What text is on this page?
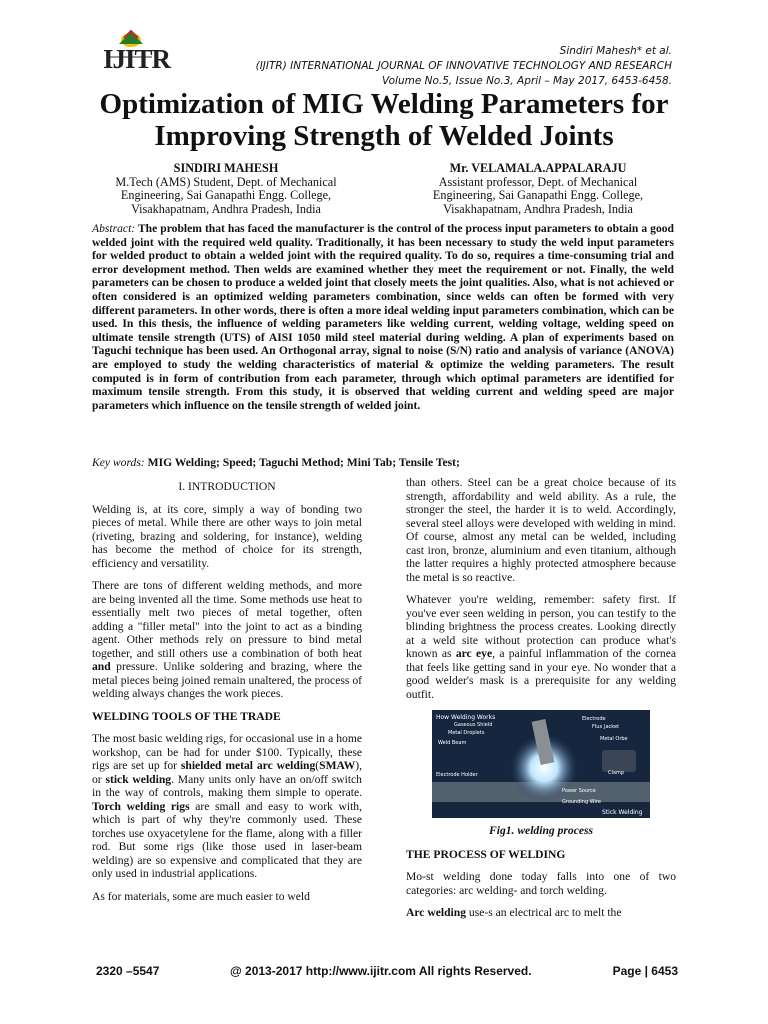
IJITR	Sindiri Mahesh* et al.
(IJITR) INTERNATIONAL JOURNAL OF INNOVATIVE TECHNOLOGY AND RESEARCH
Volume No.5, Issue No.3, April – May 2017, 6453-6458.
Optimization of MIG Welding Parameters for Improving Strength of Welded Joints
SINDIRI MAHESH
M.Tech (AMS) Student, Dept. of Mechanical
Engineering, Sai Ganapathi Engg. College,
Visakhapatnam, Andhra Pradesh, India
Mr. VELAMALA.APPALARAJU
Assistant professor, Dept. of Mechanical
Engineering, Sai Ganapathi Engg. College,
Visakhapatnam, Andhra Pradesh, India
Abstract: The problem that has faced the manufacturer is the control of the process input parameters to obtain a good welded joint with the required weld quality. Traditionally, it has been necessary to study the weld input parameters for welded product to obtain a welded joint with the required quality. To do so, requires a time-consuming trial and error development method. Then welds are examined whether they meet the requirement or not. Finally, the weld parameters can be chosen to produce a welded joint that closely meets the joint qualities. Also, what is not achieved or often considered is an optimized welding parameters combination, since welds can often be formed with very different parameters. In other words, there is often a more ideal welding input parameters combination, which can be used. In this thesis, the influence of welding parameters like welding current, welding voltage, welding speed on ultimate tensile strength (UTS) of AISI 1050 mild steel material during welding. A plan of experiments based on Taguchi technique has been used. An Orthogonal array, signal to noise (S/N) ratio and analysis of variance (ANOVA) are employed to study the welding characteristics of material & optimize the welding parameters. The result computed is in form of contribution from each parameter, through which optimal parameters are identified for maximum tensile strength. From this study, it is observed that welding current and welding speed are major parameters which influence on the tensile strength of welded joint.
Key words: MIG Welding; Speed; Taguchi Method; Mini Tab; Tensile Test;
I. INTRODUCTION

Welding is, at its core, simply a way of bonding two pieces of metal. While there are other ways to join metal (riveting, brazing and soldering, for instance), welding has become the method of choice for its strength, efficiency and versatility.

There are tons of different welding methods, and more are being invented all the time. Some methods use heat to essentially melt two pieces of metal together, often adding a "filler metal" into the joint to act as a binding agent. Other methods rely on pressure to bind metal together, and still others use a combination of both heat and pressure. Unlike soldering and brazing, where the metal pieces being joined remain unaltered, the process of welding always changes the work pieces.

WELDING TOOLS OF THE TRADE

The most basic welding rigs, for occasional use in a home workshop, can be had for under $100. Typically, these rigs are set up for shielded metal arc welding(SMAW), or stick welding. Many units only have an on/off switch in the way of controls, making them simple to operate. Torch welding rigs are small and easy to work with, which is part of why they're commonly used. These torches use oxyacetylene for the flame, along with a filler rod. But some rigs (like those used in laser-beam welding) are so expensive and complicated that they are only used in industrial applications.

As for materials, some are much easier to weld

than others. Steel can be a great choice because of its strength, affordability and weld ability. As a rule, the stronger the steel, the harder it is to weld. Accordingly, several steel alloys were developed with welding in mind. Of course, almost any metal can be welded, including cast iron, bronze, aluminium and even titanium, although the latter requires a highly protected atmosphere because the metal is so reactive.

Whatever you're welding, remember: safety first. If you've ever seen welding in person, you can testify to the blinding brightness the process creates. Looking directly at a weld site without protection can produce what's known as arc eye, a painful inflammation of the cornea that feels like getting sand in your eye. No wonder that a good welder's mask is a prerequisite for any welding outfit.

How Welding Works	Electrode
Gaseous Shield	Flux Jacket
Metal Droplets
Metal Orbe
Weld Beam
Clamp
Electrode Holder
Power Source
Grounding Wire
Stick Welding
Fig1. welding process
THE PROCESS OF WELDING

Mo-st welding done today falls into one of two categories: arc welding- and torch welding.

Arc welding use-s an electrical arc to melt the

2320 –5547	@ 2013-2017 http://www.ijitr.com All rights Reserved.	Page | 6453
